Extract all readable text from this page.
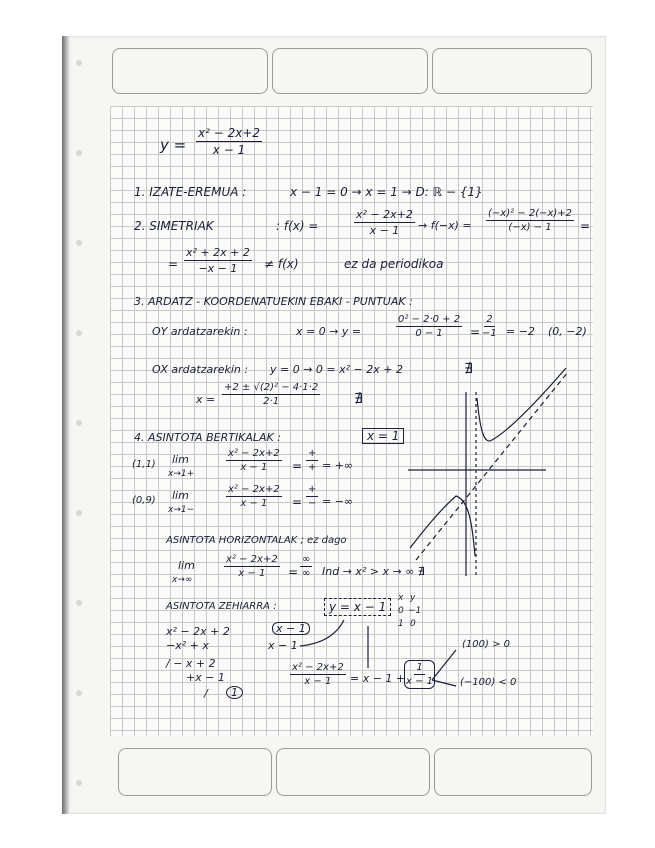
$y = \frac{\text{x² − 2x+2}}{x - 1}$
1. IZATE-EREMUA :	x − 1 = 0 → x = 1 → D: ℝ − {1}
2. SIMETRIAK	: f(x) =	$\frac{\text{x² − 2x+2}}{x - 1} \to f(-x) = \frac{\text{(−x)² − 2(−x)+2}}{(-x) - 1}$ =
= $\frac{\text{x² + 2x + 2}}{-x - 1} \ne f(x)$	ez da periodikoa
3. ARDATZ - KOORDENATUEKIN EBAKI - PUNTUAK :
OY ardatzarekin :	x = 0 → y =	$\frac{\text{0² − 2·0 + 2}}{0 - 1} = \frac{2}{-1} = -2$ (0, −2)
OX ardatzarekin : y = 0 → 0 = x² − 2x + 2	∄
$x = \frac{\text{+2 ± √(2)² − 4·1·2}}{2\cdot 1}$ ∄
4. ASINTOTA BERTIKALAK :	x = 1
(1,1) lim
x→1+
$\frac{\text{x² − 2x+2}}{x - 1}$ =
+
+ = +∞
(0,9) lim
x→1−
$\frac{\text{x² − 2x+2}}{x - 1}$ =
+
− = −∞
ASINTOTA HORIZONTALAK ; ez dago
lim
x→∞
$\frac{\text{x² − 2x+2}}{x - 1}$ =
∞
∞ Ind → x² > x → ∞ ∄
ASINTOTA ZEHIARRA :	y = x − 1
x y
0 −1
1 0
x² − 2x + 2
−x² + x
/ − x + 2
+x − 1
/	1
x − 1
x − 1
$\frac{\text{x² − 2x+2}}{x - 1} = x - 1$ +
$\frac{1}{x - 1}$
(100) > 0
(−100) < 0
